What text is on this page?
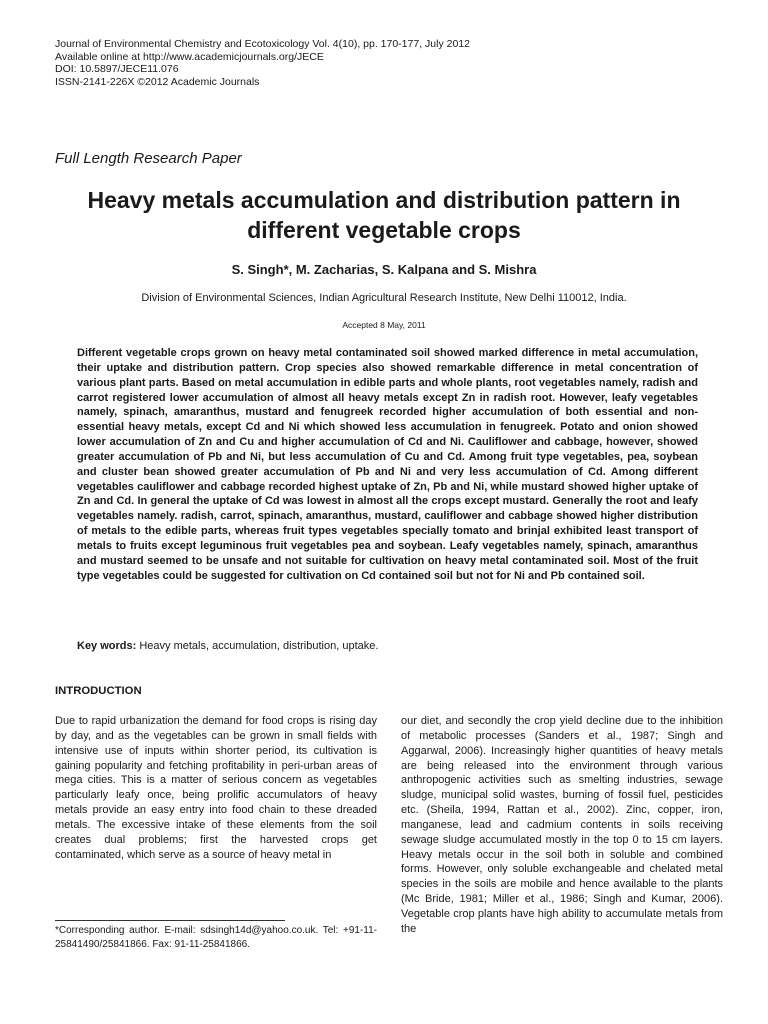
Journal of Environmental Chemistry and Ecotoxicology Vol. 4(10), pp. 170-177, July 2012
Available online at http://www.academicjournals.org/JECE
DOI: 10.5897/JECE11.076
ISSN-2141-226X ©2012 Academic Journals
Full Length Research Paper
Heavy metals accumulation and distribution pattern in
different vegetable crops
S. Singh*, M. Zacharias, S. Kalpana and S. Mishra
Division of Environmental Sciences, Indian Agricultural Research Institute, New Delhi 110012, India.
Accepted 8 May, 2011
Different vegetable crops grown on heavy metal contaminated soil showed marked difference in metal accumulation, their uptake and distribution pattern. Crop species also showed remarkable difference in metal concentration of various plant parts. Based on metal accumulation in edible parts and whole plants, root vegetables namely, radish and carrot registered lower accumulation of almost all heavy metals except Zn in radish root. However, leafy vegetables namely, spinach, amaranthus, mustard and fenugreek recorded higher accumulation of both essential and non-essential heavy metals, except Cd and Ni which showed less accumulation in fenugreek. Potato and onion showed lower accumulation of Zn and Cu and higher accumulation of Cd and Ni. Cauliflower and cabbage, however, showed greater accumulation of Pb and Ni, but less accumulation of Cu and Cd. Among fruit type vegetables, pea, soybean and cluster bean showed greater accumulation of Pb and Ni and very less accumulation of Cd. Among different vegetables cauliflower and cabbage recorded highest uptake of Zn, Pb and Ni, while mustard showed higher uptake of Zn and Cd. In general the uptake of Cd was lowest in almost all the crops except mustard. Generally the root and leafy vegetables namely. radish, carrot, spinach, amaranthus, mustard, cauliflower and cabbage showed higher distribution of metals to the edible parts, whereas fruit types vegetables specially tomato and brinjal exhibited least transport of metals to fruits except leguminous fruit vegetables pea and soybean. Leafy vegetables namely, spinach, amaranthus and mustard seemed to be unsafe and not suitable for cultivation on heavy metal contaminated soil. Most of the fruit type vegetables could be suggested for cultivation on Cd contained soil but not for Ni and Pb contained soil.
Key words: Heavy metals, accumulation, distribution, uptake.
INTRODUCTION
Due to rapid urbanization the demand for food crops is rising day by day, and as the vegetables can be grown in small fields with intensive use of inputs within shorter period, its cultivation is gaining popularity and fetching profitability in peri-urban areas of mega cities. This is a matter of serious concern as vegetables particularly leafy once, being prolific accumulators of heavy metals provide an easy entry into food chain to these dreaded metals. The excessive intake of these elements from the soil creates dual problems; first the harvested crops get contaminated, which serve as a source of heavy metal in
our diet, and secondly the crop yield decline due to the inhibition of metabolic processes (Sanders et al., 1987; Singh and Aggarwal, 2006). Increasingly higher quantities of heavy metals are being released into the environment through various anthropogenic activities such as smelting industries, sewage sludge, municipal solid wastes, burning of fossil fuel, pesticides etc. (Sheila, 1994, Rattan et al., 2002). Zinc, copper, iron, manganese, lead and cadmium contents in soils receiving sewage sludge accumulated mostly in the top 0 to 15 cm layers. Heavy metals occur in the soil both in soluble and combined forms. However, only soluble exchangeable and chelated metal species in the soils are mobile and hence available to the plants (Mc Bride, 1981; Miller et al., 1986; Singh and Kumar, 2006). Vegetable crop plants have high ability to accumulate metals from the
*Corresponding author. E-mail: sdsingh14d@yahoo.co.uk. Tel: +91-11-25841490/25841866. Fax: 91-11-25841866.
